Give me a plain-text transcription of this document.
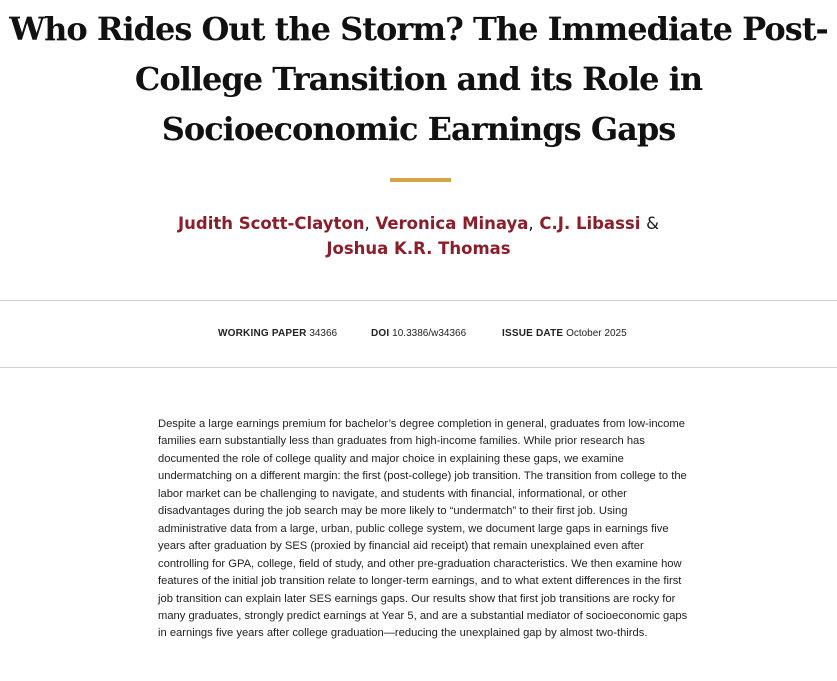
Who Rides Out the Storm? The Immediate Post-
College Transition and its Role in
Socioeconomic Earnings Gaps
Judith Scott-Clayton, Veronica Minaya, C.J. Libassi &
Joshua K.R. Thomas
WORKING PAPER 34366	DOI 10.3386/w34366	ISSUE DATE October 2025

Despite a large earnings premium for bachelor’s degree completion in general, graduates from low-income families earn substantially less than graduates from high-income families. While prior research has documented the role of college quality and major choice in explaining these gaps, we examine undermatching on a different margin: the first (post-college) job transition. The transition from college to the labor market can be challenging to navigate, and students with financial, informational, or other disadvantages during the job search may be more likely to “undermatch” to their first job. Using administrative data from a large, urban, public college system, we document large gaps in earnings five years after graduation by SES (proxied by financial aid receipt) that remain unexplained even after controlling for GPA, college, field of study, and other pre-graduation characteristics. We then examine how features of the initial job transition relate to longer-term earnings, and to what extent differences in the first job transition can explain later SES earnings gaps. Our results show that first job transitions are rocky for many graduates, strongly predict earnings at Year 5, and are a substantial mediator of socioeconomic gaps in earnings five years after college graduation—reducing the unexplained gap by almost two-thirds.
